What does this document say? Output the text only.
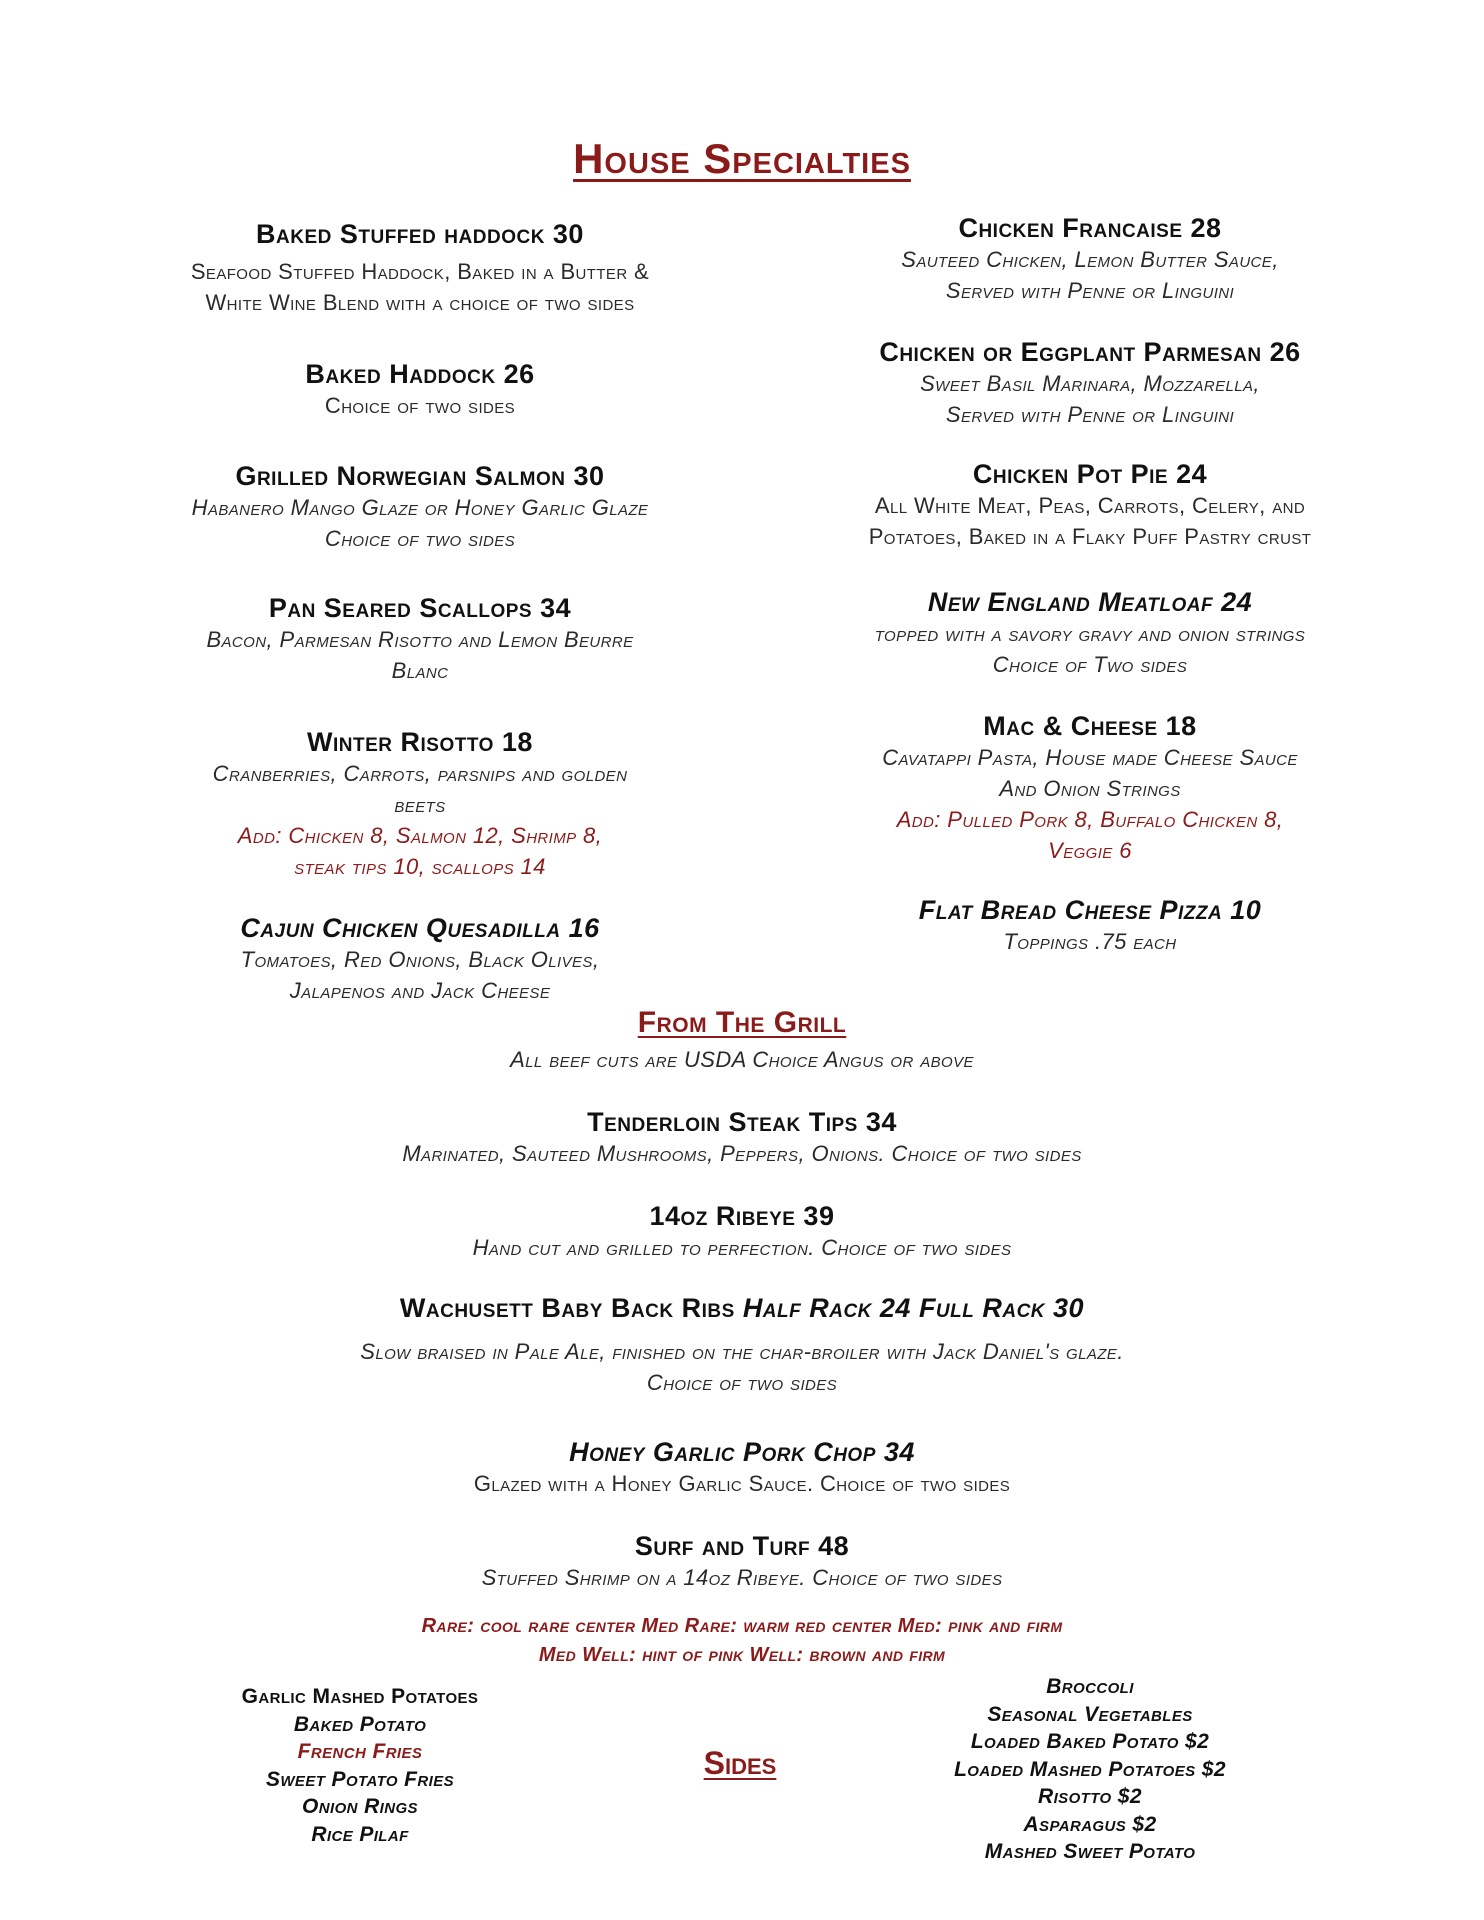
House Specialties
Baked Stuffed haddock 30
Seafood Stuffed Haddock, Baked in a Butter &
White Wine Blend with a choice of two sides
Baked Haddock 26
Choice of two sides
Grilled Norwegian Salmon 30
Habanero Mango Glaze or Honey Garlic Glaze
Choice of two sides
Pan Seared Scallops 34
Bacon, Parmesan Risotto and Lemon Beurre
Blanc
Winter Risotto 18
Cranberries, Carrots, parsnips and golden
beets
Add: Chicken 8, Salmon 12, Shrimp 8,
steak tips 10, scallops 14
Cajun Chicken Quesadilla 16
Tomatoes, Red Onions, Black Olives,
Jalapenos and Jack Cheese
Chicken Francaise 28
Sauteed Chicken, Lemon Butter Sauce,
Served with Penne or Linguini
Chicken or Eggplant Parmesan 26
Sweet Basil Marinara, Mozzarella,
Served with Penne or Linguini
Chicken Pot Pie 24
All White Meat, Peas, Carrots, Celery, and
Potatoes, Baked in a Flaky Puff Pastry crust
New England Meatloaf 24
topped with a savory gravy and onion strings
Choice of Two sides
Mac & Cheese 18
Cavatappi Pasta, House made Cheese Sauce
And Onion Strings
Add: Pulled Pork 8, Buffalo Chicken 8,
Veggie 6
Flat Bread Cheese Pizza 10
Toppings .75 each
From The Grill
All beef cuts are USDA Choice Angus or above
Tenderloin Steak Tips 34
Marinated, Sauteed Mushrooms, Peppers, Onions. Choice of two sides
14oz Ribeye 39
Hand cut and grilled to perfection. Choice of two sides
Wachusett Baby Back Ribs Half Rack 24 Full Rack 30
Slow braised in Pale Ale, finished on the char-broiler with Jack Daniel's glaze.
Choice of two sides
Honey Garlic Pork Chop 34
Glazed with a Honey Garlic Sauce. Choice of two sides
Surf and Turf 48
Stuffed Shrimp on a 14oz Ribeye. Choice of two sides
Rare: cool rare center Med Rare: warm red center Med: pink and firm
Med Well: hint of pink Well: brown and firm
Garlic Mashed Potatoes
Baked Potato
French Fries
Sweet Potato Fries
Onion Rings
Rice Pilaf
Sides
Broccoli
Seasonal Vegetables
Loaded Baked Potato $2
Loaded Mashed Potatoes $2
Risotto $2
Asparagus $2
Mashed Sweet Potato
